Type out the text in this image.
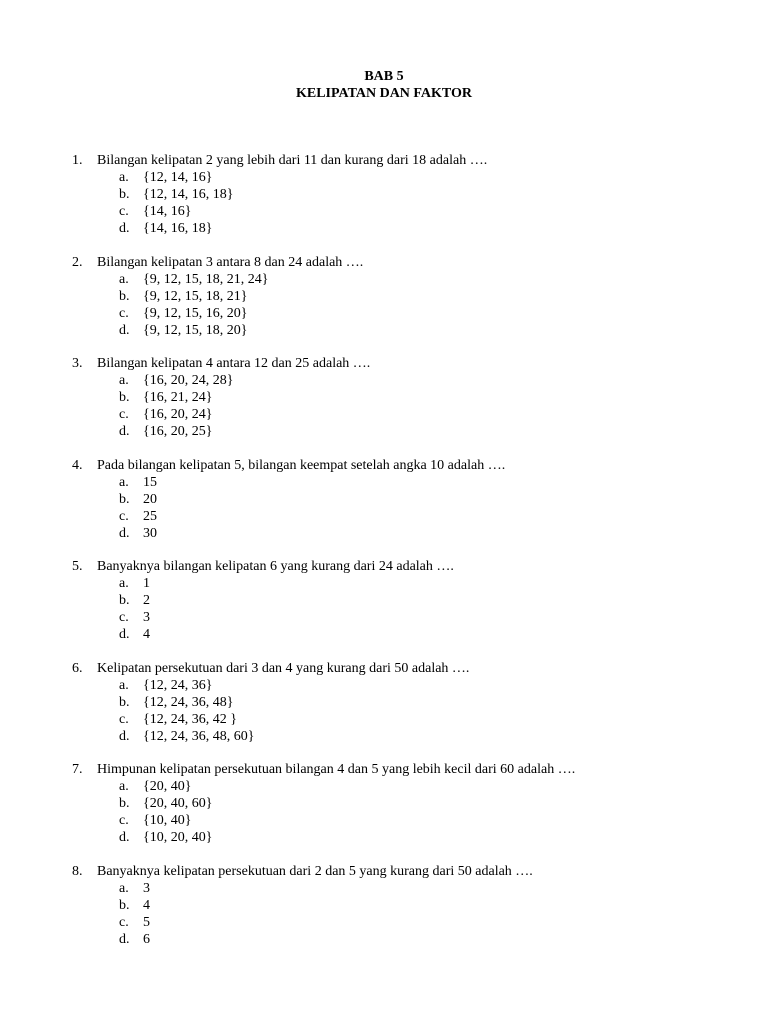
BAB 5
KELIPATAN DAN FAKTOR
1. Bilangan kelipatan 2 yang lebih dari 11 dan kurang dari 18 adalah ….
a. {12, 14, 16}
b. {12, 14, 16, 18}
c. {14, 16}
d. {14, 16, 18}
2. Bilangan kelipatan 3 antara 8 dan 24 adalah ….
a. {9, 12, 15, 18, 21, 24}
b. {9, 12, 15, 18, 21}
c. {9, 12, 15, 16, 20}
d. {9, 12, 15, 18, 20}
3. Bilangan kelipatan 4 antara 12 dan 25 adalah ….
a. {16, 20, 24, 28}
b. {16, 21, 24}
c. {16, 20, 24}
d. {16, 20, 25}
4. Pada bilangan kelipatan 5, bilangan keempat setelah angka 10 adalah ….
a. 15
b. 20
c. 25
d. 30
5. Banyaknya bilangan kelipatan 6 yang kurang dari 24 adalah ….
a. 1
b. 2
c. 3
d. 4
6. Kelipatan persekutuan dari 3 dan 4 yang kurang dari 50 adalah ….
a. {12, 24, 36}
b. {12, 24, 36, 48}
c. {12, 24, 36, 42 }
d. {12, 24, 36, 48, 60}
7. Himpunan kelipatan persekutuan bilangan 4 dan 5 yang lebih kecil dari 60 adalah ….
a. {20, 40}
b. {20, 40, 60}
c. {10, 40}
d. {10, 20, 40}
8. Banyaknya kelipatan persekutuan dari 2 dan 5 yang kurang dari 50 adalah ….
a. 3
b. 4
c. 5
d. 6
